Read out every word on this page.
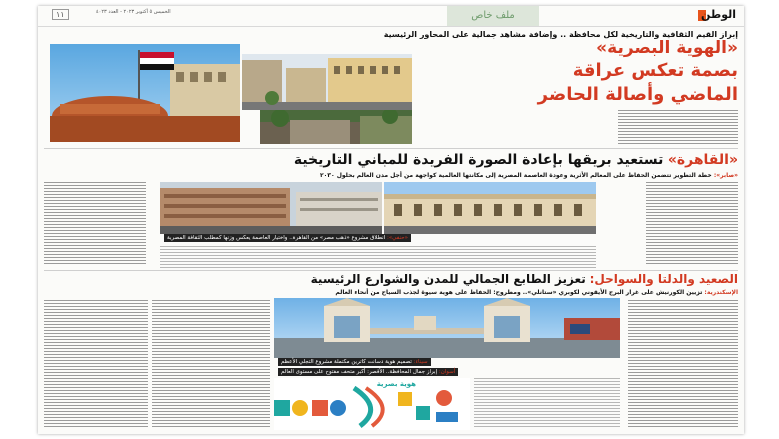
الوطن
ملف خاص
الخميس ٥ أكتوبر ٢٠٢٣ - العدد ٤٠٢٣
١١
إبراز القيم الثقافية والتاريخية لكل محافظة .. وإضافة مشاهد جمالية على المحاور الرئيسية
«الهوية البصرية»
بصمة تعكس عراقة
الماضي وأصالة الحاضر
«القاهرة» تستعيد بريقها بإعادة الصورة الفريدة للمباني التاريخية
«صابر»: خطة التطوير تتضمن الحفاظ على المعالم الأثرية وعودة العاصمة المصرية إلى مكانتها العالمية كواجهة من أجل مدن العالم بحلول ٢٠٣٠
«حنفي»: انطلاق مشروع «ذهب مصر» من القاهرة.. واختيار العاصمة يعكس وزنها كمطلب الثقافة المصرية
الصعيد والدلتا والسواحل: تعزيز الطابع الجمالي للمدن والشوارع الرئيسية
الإسكندرية: تزيين الكورنيش على غرار البرج الأيقوني لكوبري «ستانلي».. ومطروح: الحفاظ على هوية سيوة لجذب السياح من أنحاء العالم
سيناء: تصميم هوية دسانت كاترين مكتملة مشروع التجلي الأعظم
أسوان: إبراز جمال المحافظة.. الأقصر: أكبر متحف مفتوح على مستوى العالم
هوية بصرية
